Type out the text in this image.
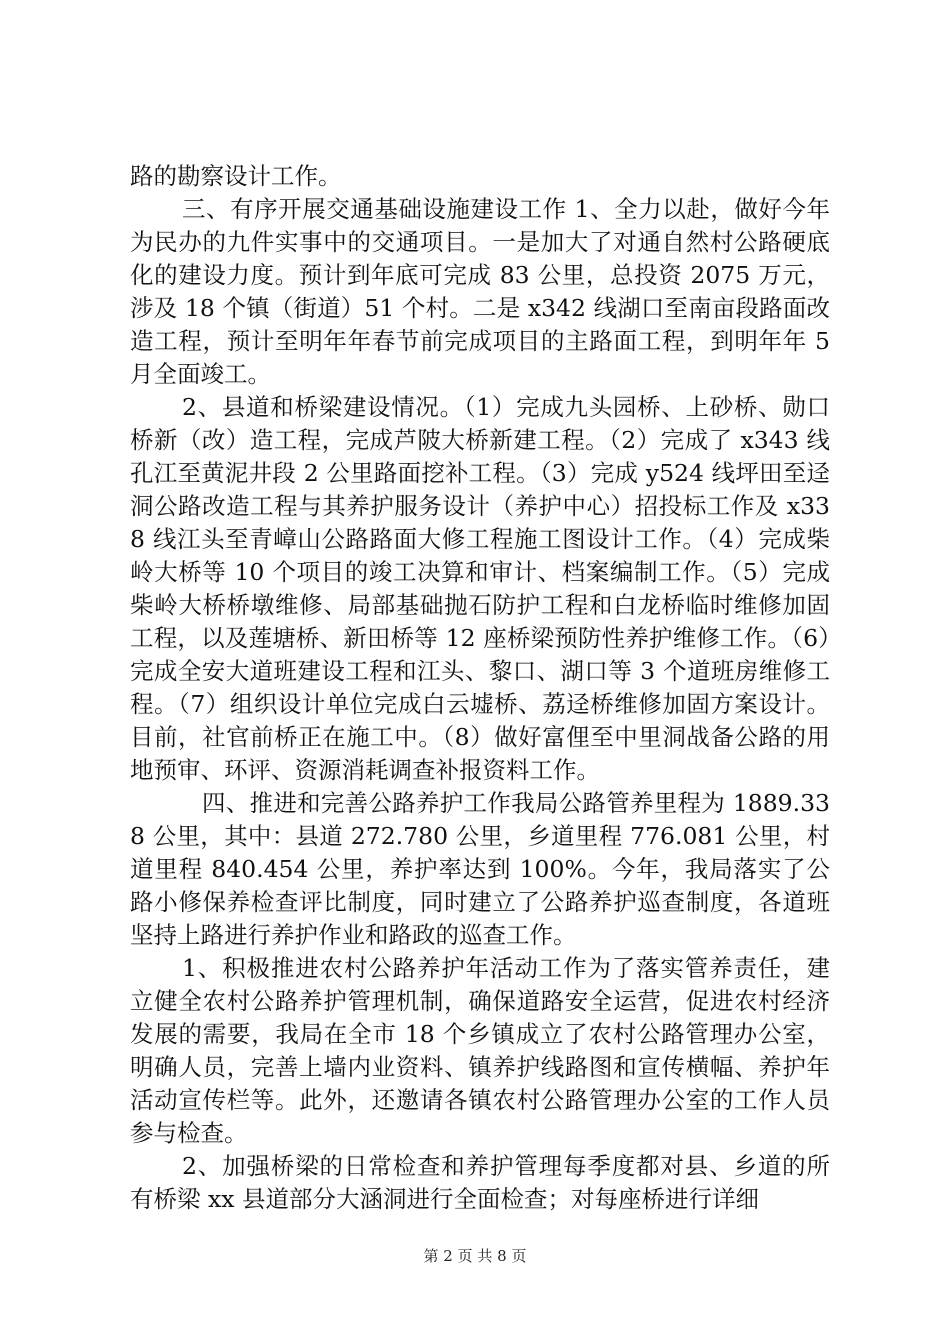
路的勘察设计工作。

三、有序开展交通基础设施建设工作 1、全力以赴，做好今年为民办的九件实事中的交通项目。一是加大了对通自然村公路硬底化的建设力度。预计到年底可完成 83 公里，总投资 2075 万元，涉及 18 个镇（街道）51 个村。二是 x342 线湖口至南亩段路面改造工程，预计至明年年春节前完成项目的主路面工程，到明年年 5 月全面竣工。

2、县道和桥梁建设情况。（1）完成九头园桥、上砂桥、勋口桥新（改）造工程，完成芦陂大桥新建工程。（2）完成了 x343 线孔江至黄泥井段 2 公里路面挖补工程。（3）完成 y524 线坪田至迳洞公路改造工程与其养护服务设计（养护中心）招投标工作及 x338 线江头至青嶂山公路路面大修工程施工图设计工作。（4）完成柴岭大桥等 10 个项目的竣工决算和审计、档案编制工作。（5）完成柴岭大桥桥墩维修、局部基础抛石防护工程和白龙桥临时维修加固工程，以及莲塘桥、新田桥等 12 座桥梁预防性养护维修工作。（6）完成全安大道班建设工程和江头、黎口、湖口等 3 个道班房维修工程。（7）组织设计单位完成白云墟桥、荔迳桥维修加固方案设计。目前，社官前桥正在施工中。（8）做好富俚至中里洞战备公路的用地预审、环评、资源消耗调查补报资料工作。

四、推进和完善公路养护工作我局公路管养里程为 1889.338 公里，其中：县道 272.780 公里，乡道里程 776.081 公里，村道里程 840.454 公里，养护率达到 100%。今年，我局落实了公路小修保养检查评比制度，同时建立了公路养护巡查制度，各道班坚持上路进行养护作业和路政的巡查工作。

1、积极推进农村公路养护年活动工作为了落实管养责任，建立健全农村公路养护管理机制，确保道路安全运营，促进农村经济发展的需要，我局在全市 18 个乡镇成立了农村公路管理办公室，明确人员，完善上墙内业资料、镇养护线路图和宣传横幅、养护年活动宣传栏等。此外，还邀请各镇农村公路管理办公室的工作人员参与检查。

2、加强桥梁的日常检查和养护管理每季度都对县、乡道的所有桥梁 xx 县道部分大涵洞进行全面检查；对每座桥进行详细

第 2 页 共 8 页
